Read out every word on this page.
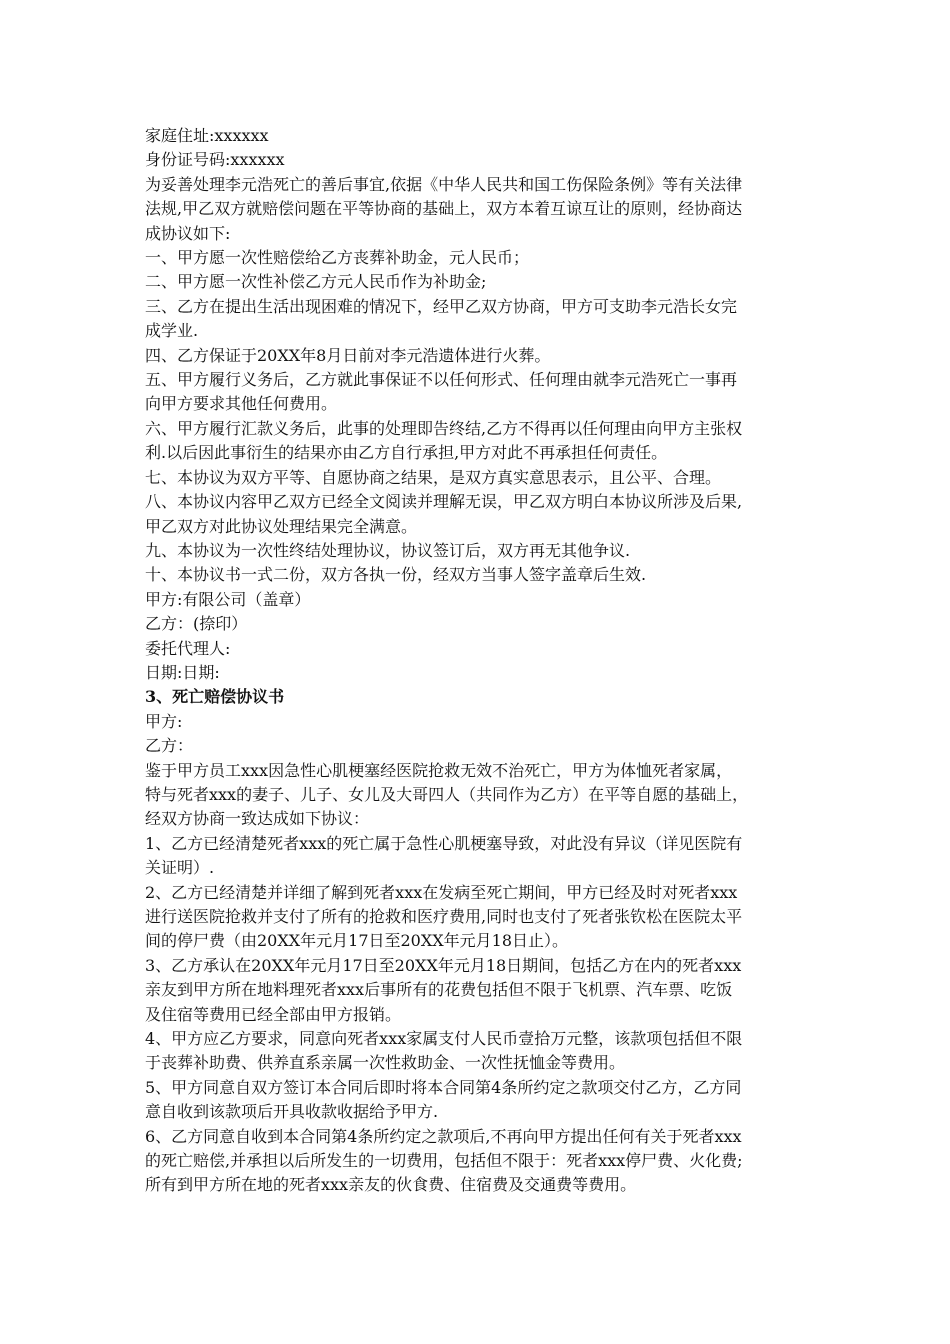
家庭住址:xxxxxx
身份证号码:xxxxxx
为妥善处理李元浩死亡的善后事宜,依据《中华人民共和国工伤保险条例》等有关法律
法规,甲乙双方就赔偿问题在平等协商的基础上，双方本着互谅互让的原则，经协商达
成协议如下:
一、甲方愿一次性赔偿给乙方丧葬补助金，元人民币；
二、甲方愿一次性补偿乙方元人民币作为补助金;
三、乙方在提出生活出现困难的情况下，经甲乙双方协商，甲方可支助李元浩长女完
成学业.
四、乙方保证于20XX年8月日前对李元浩遗体进行火葬。
五、甲方履行义务后，乙方就此事保证不以任何形式、任何理由就李元浩死亡一事再
向甲方要求其他任何费用。
六、甲方履行汇款义务后，此事的处理即告终结,乙方不得再以任何理由向甲方主张权
利.以后因此事衍生的结果亦由乙方自行承担,甲方对此不再承担任何责任。
七、本协议为双方平等、自愿协商之结果，是双方真实意思表示，且公平、合理。
八、本协议内容甲乙双方已经全文阅读并理解无误，甲乙双方明白本协议所涉及后果,
甲乙双方对此协议处理结果完全满意。
九、本协议为一次性终结处理协议，协议签订后，双方再无其他争议.
十、本协议书一式二份，双方各执一份，经双方当事人签字盖章后生效.
甲方:有限公司（盖章）
乙方：(捺印）
委托代理人:
日期:日期:
3、死亡赔偿协议书
甲方:
乙方：
鉴于甲方员工xxx因急性心肌梗塞经医院抢救无效不治死亡，甲方为体恤死者家属，
特与死者xxx的妻子、儿子、女儿及大哥四人（共同作为乙方）在平等自愿的基础上，
经双方协商一致达成如下协议：
1、乙方已经清楚死者xxx的死亡属于急性心肌梗塞导致，对此没有异议（详见医院有
关证明）.
2、乙方已经清楚并详细了解到死者xxx在发病至死亡期间，甲方已经及时对死者xxx
进行送医院抢救并支付了所有的抢救和医疗费用,同时也支付了死者张钦松在医院太平
间的停尸费（由20XX年元月17日至20XX年元月18日止）。
3、乙方承认在20XX年元月17日至20XX年元月18日期间，包括乙方在内的死者xxx
亲友到甲方所在地料理死者xxx后事所有的花费包括但不限于飞机票、汽车票、吃饭
及住宿等费用已经全部由甲方报销。
4、甲方应乙方要求，同意向死者xxx家属支付人民币壹拾万元整，该款项包括但不限
于丧葬补助费、供养直系亲属一次性救助金、一次性抚恤金等费用。
5、甲方同意自双方签订本合同后即时将本合同第4条所约定之款项交付乙方，乙方同
意自收到该款项后开具收款收据给予甲方.
6、乙方同意自收到本合同第4条所约定之款项后,不再向甲方提出任何有关于死者xxx
的死亡赔偿,并承担以后所发生的一切费用，包括但不限于：死者xxx停尸费、火化费;
所有到甲方所在地的死者xxx亲友的伙食费、住宿费及交通费等费用。
